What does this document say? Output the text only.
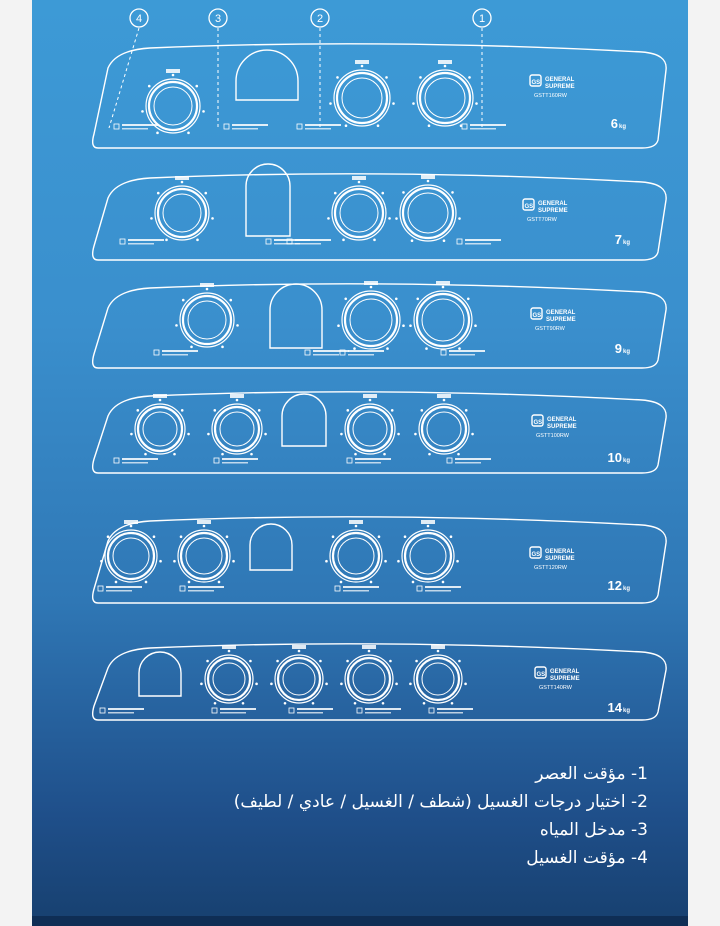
GS GENERAL
SUPREME
GSTT160RW
6 kg
GS GENERAL
SUPREME
GSTT70RW
7 kg
GS GENERAL
SUPREME
GSTT90RW
9 kg
GS GENERAL
SUPREME
GSTT100RW
10 kg
GS GENERAL
SUPREME
GSTT120RW
12 kg
GS GENERAL
SUPREME
GSTT140RW
14 kg
4	3	2	1
1- مؤقت العصر
2- اختيار درجات الغسيل (شطف / الغسيل / عادي / لطيف)
3- مدخل المياه
4- مؤقت الغسيل
